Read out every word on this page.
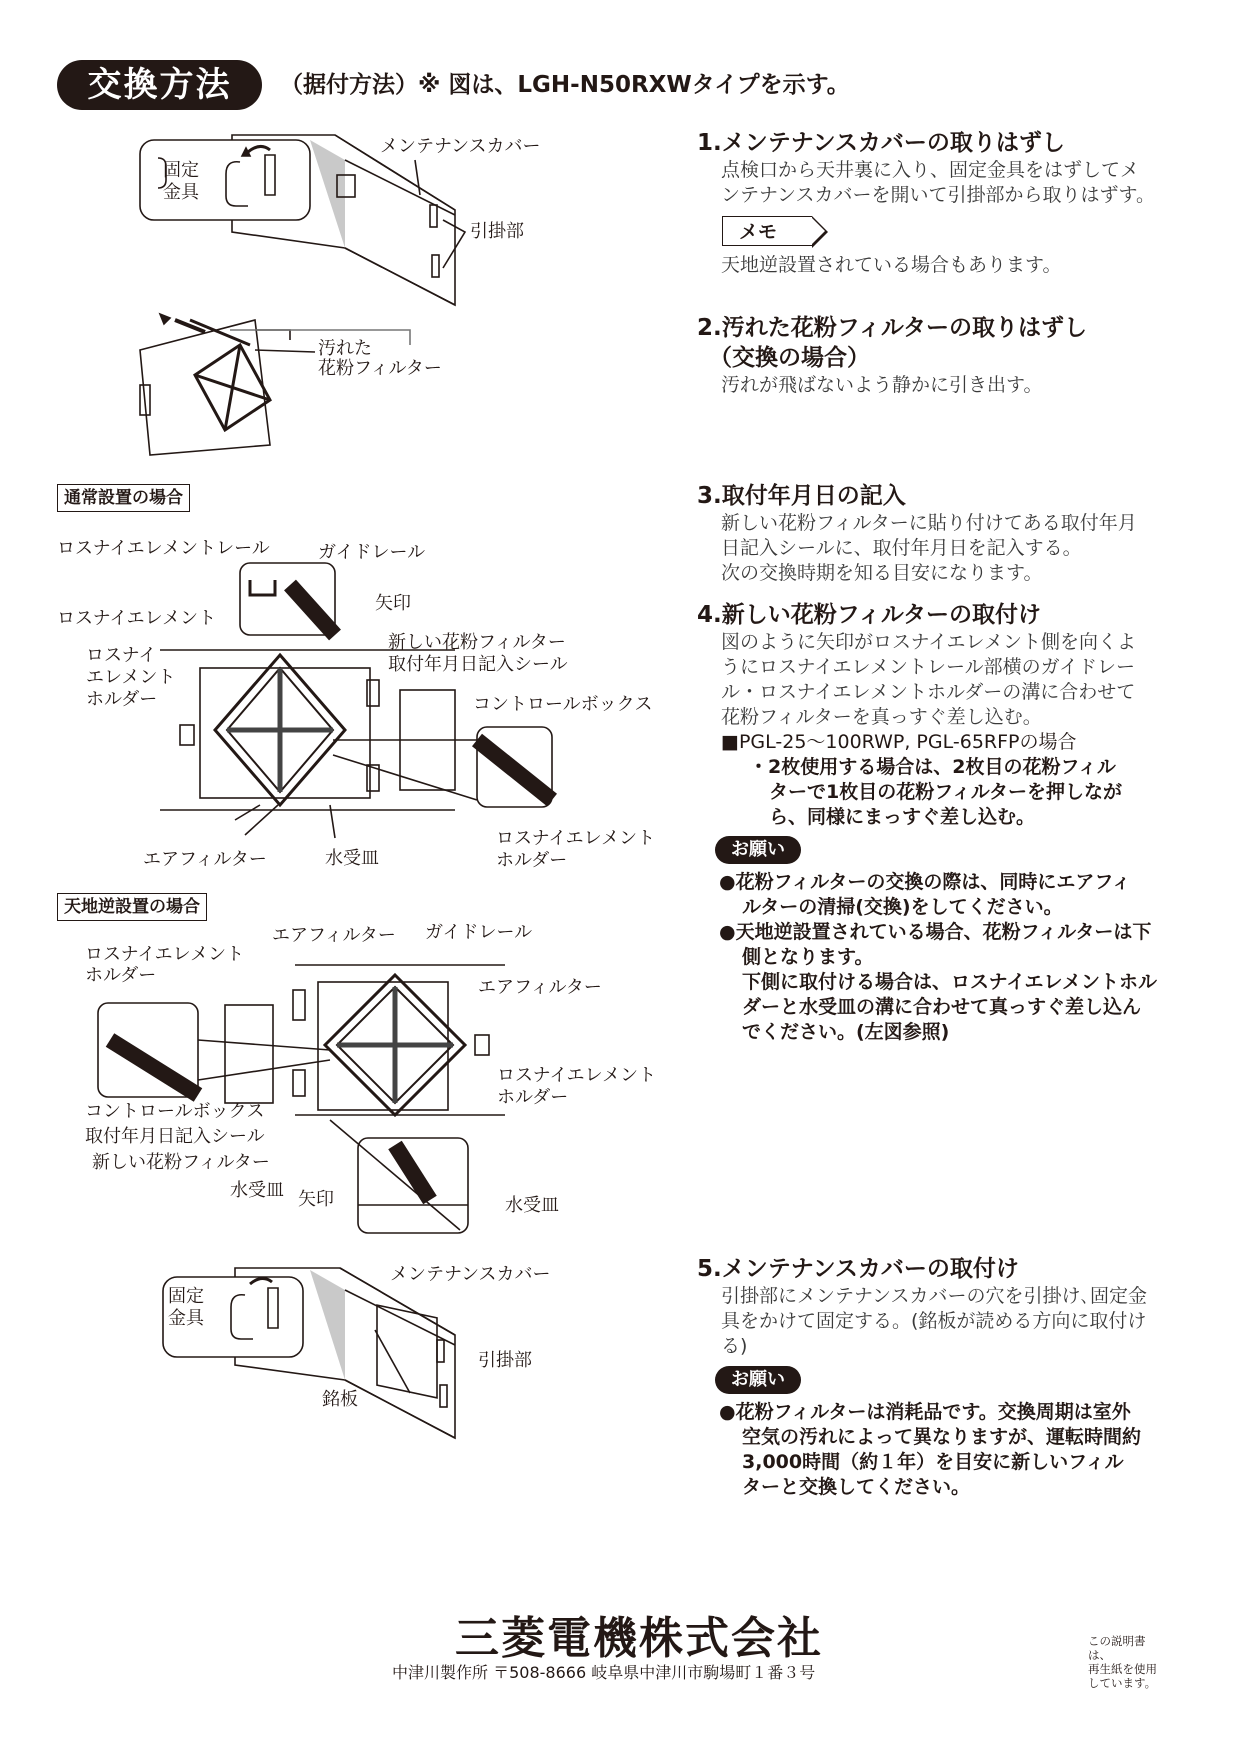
交換方法	（据付方法）※ 図は、LGH-N50RXWタイプを示す。
固定
金具
メンテナンスカバー
引掛部
汚れた
花粉フィルター
通常設置の場合
ロスナイエレメントレール	ガイドレール
ロスナイエレメント
矢印
ロスナイ
エレメント
ホルダー
新しい花粉フィルター
取付年月日記入シール
コントロールボックス
ロスナイエレメント
ホルダー
エアフィルター	水受皿
天地逆設置の場合
エアフィルター ガイドレール
ロスナイエレメント
ホルダー
エアフィルター
ロスナイエレメント
ホルダー
コントロールボックス
取付年月日記入シール
新しい花粉フィルター
水受皿 矢印	水受皿
固定
金具
メンテナンスカバー
引掛部
銘板
1.メンテナンスカバーの取りはずし
点検口から天井裏に入り、固定金具をはずしてメ
ンテナンスカバーを開いて引掛部から取りはずす。
メモ
天地逆設置されている場合もあります。
2.汚れた花粉フィルターの取りはずし
（交換の場合）
汚れが飛ばないよう静かに引き出す。
3.取付年月日の記入
新しい花粉フィルターに貼り付けてある取付年月
日記入シールに、取付年月日を記入する。
次の交換時期を知る目安になります。
4.新しい花粉フィルターの取付け
図のように矢印がロスナイエレメント側を向くよ
うにロスナイエレメントレール部横のガイドレー
ル・ロスナイエレメントホルダーの溝に合わせて
花粉フィルターを真っすぐ差し込む。
■PGL-25～100RWP, PGL-65RFPの場合
・2枚使用する場合は、2枚目の花粉フィル
ターで1枚目の花粉フィルターを押しなが
ら、同様にまっすぐ差し込む。
お願い
●花粉フィルターの交換の際は、同時にエアフィ
ルターの清掃(交換)をしてください。
●天地逆設置されている場合、花粉フィルターは下
側となります。
下側に取付ける場合は、ロスナイエレメントホル
ダーと水受皿の溝に合わせて真っすぐ差し込ん
でください。(左図参照)
5.メンテナンスカバーの取付け
引掛部にメンテナンスカバーの穴を引掛け､固定金
具をかけて固定する。(銘板が読める方向に取付け
る)
お願い
●花粉フィルターは消耗品です。交換周期は室外
空気の汚れによって異なりますが、運転時間約
3,000時間（約１年）を目安に新しいフィル
ターと交換してください。
三菱電機株式会社
中津川製作所 〒508-8666 岐阜県中津川市駒場町１番３号
この説明書は、
再生紙を使用
しています。
